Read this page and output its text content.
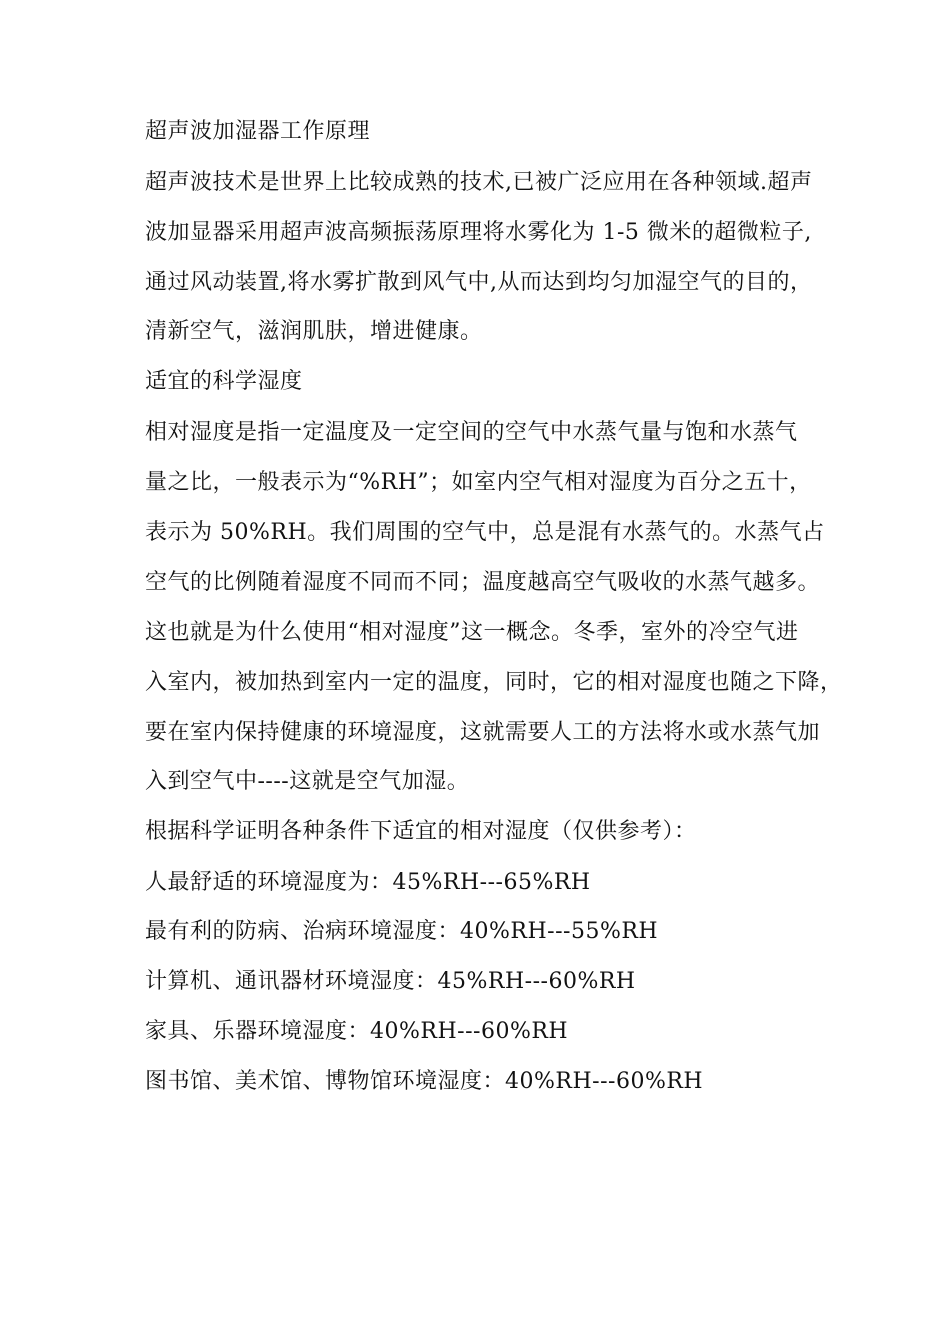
超声波加湿器工作原理

超声波技术是世界上比较成熟的技术,已被广泛应用在各种领域.超声

波加显器采用超声波高频振荡原理将水雾化为 1-5 微米的超微粒子,

通过风动装置,将水雾扩散到风气中,从而达到均匀加湿空气的目的，

清新空气，滋润肌肤，增进健康。

适宜的科学湿度

相对湿度是指一定温度及一定空间的空气中水蒸气量与饱和水蒸气

量之比，一般表示为“%RH”；如室内空气相对湿度为百分之五十，

表示为 50%RH。我们周围的空气中，总是混有水蒸气的。水蒸气占

空气的比例随着湿度不同而不同；温度越高空气吸收的水蒸气越多。

这也就是为什么使用“相对湿度”这一概念。冬季，室外的冷空气进

入室内，被加热到室内一定的温度，同时，它的相对湿度也随之下降，

要在室内保持健康的环境湿度，这就需要人工的方法将水或水蒸气加

入到空气中----这就是空气加湿。

根据科学证明各种条件下适宜的相对湿度（仅供参考）：

人最舒适的环境湿度为：45%RH---65%RH

最有利的防病、治病环境湿度：40%RH---55%RH

计算机、通讯器材环境湿度：45%RH---60%RH

家具、乐器环境湿度：40%RH---60%RH

图书馆、美术馆、博物馆环境湿度：40%RH---60%RH
